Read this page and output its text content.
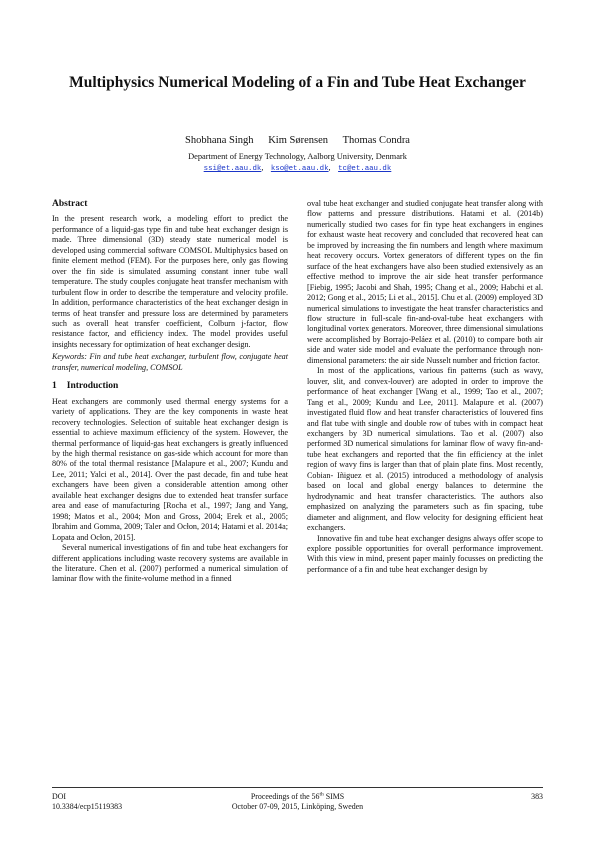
Multiphysics Numerical Modeling of a Fin and Tube Heat Exchanger
Shobhana Singh Kim Sørensen Thomas Condra
Department of Energy Technology, Aalborg University, Denmark
ssi@et.aau.dk, kso@et.aau.dk, tc@et.aau.dk
Abstract

In the present research work, a modeling effort to predict the performance of a liquid-gas type fin and tube heat exchanger design is made. Three dimensional (3D) steady state numerical model is developed using commercial software COMSOL Multiphysics based on finite element method (FEM). For the purposes here, only gas flowing over the fin side is simulated assuming constant inner tube wall temperature. The study couples conjugate heat transfer mechanism with turbulent flow in order to describe the temperature and velocity profile. In addition, performance characteristics of the heat exchanger design in terms of heat transfer and pressure loss are determined by parameters such as overall heat transfer coefficient, Colburn j-factor, flow resistance factor, and efficiency index. The model provides useful insights necessary for optimization of heat exchanger design.

Keywords: Fin and tube heat exchanger, turbulent flow, conjugate heat transfer, numerical modeling, COMSOL

1 Introduction

Heat exchangers are commonly used thermal energy systems for a variety of applications. They are the key components in waste heat recovery technologies. Selection of suitable heat exchanger design is essential to achieve maximum efficiency of the system. However, the thermal performance of liquid-gas heat exchangers is greatly influenced by the high thermal resistance on gas-side which account for more than 80% of the total thermal resistance [Malapure et al., 2007; Kundu and Lee, 2011; Yalci et al., 2014]. Over the past decade, fin and tube heat exchangers have been given a considerable attention among other available heat exchanger designs due to extended heat transfer surface area and ease of manufacturing [Rocha et al., 1997; Jang and Yang, 1998; Matos et al., 2004; Mon and Gross, 2004; Erek et al., 2005; Ibrahim and Gomma, 2009; Taler and Ocłon, 2014; Hatami et al. 2014a; Lopata and Ocłon, 2015].

Several numerical investigations of fin and tube heat exchangers for different applications including waste recovery systems are available in the literature. Chen et al. (2007) performed a numerical simulation of laminar flow with the finite-volume method in a finned

oval tube heat exchanger and studied conjugate heat transfer along with flow patterns and pressure distributions. Hatami et al. (2014b) numerically studied two cases for fin type heat exchangers in engines for exhaust waste heat recovery and concluded that recovered heat can be improved by increasing the fin numbers and length where maximum heat recovery occurs. Vortex generators of different types on the fin surface of the heat exchangers have also been studied extensively as an effective method to improve the air side heat transfer performance [Fiebig, 1995; Jacobi and Shah, 1995; Chang et al., 2009; Habchi et al. 2012; Gong et al., 2015; Li et al., 2015]. Chu et al. (2009) employed 3D numerical simulations to investigate the heat transfer characteristics and flow structure in full-scale fin-and-oval-tube heat exchangers with longitudinal vortex generators. Moreover, three dimensional simulations were accomplished by Borrajo-Peláez et al. (2010) to compare both air side and water side model and evaluate the performance through non-dimensional parameters: the air side Nusselt number and friction factor.

In most of the applications, various fin patterns (such as wavy, louver, slit, and convex-louver) are adopted in order to improve the performance of heat exchanger [Wang et al., 1999; Tao et al., 2007; Tang et al., 2009; Kundu and Lee, 2011]. Malapure et al. (2007) investigated fluid flow and heat transfer characteristics of louvered fins and flat tube with single and double row of tubes with in compact heat exchangers by 3D numerical simulations. Tao et al. (2007) also performed 3D numerical simulations for laminar flow of wavy fin-and-tube heat exchangers and reported that the fin efficiency at the inlet region of wavy fins is larger than that of plain plate fins. Most recently, Cobian- Iñiguez et al. (2015) introduced a methodology of analysis based on local and global energy balances to determine the hydrodynamic and heat transfer characteristics. The authors also emphasized on analyzing the parameters such as fin spacing, tube diameter and alignment, and flow velocity for designing efficient heat exchangers.

Innovative fin and tube heat exchanger designs always offer scope to explore possible opportunities for overall performance improvement. With this view in mind, present paper mainly focusses on predicting the performance of a fin and tube heat exchanger design by

DOI
10.3384/ecp15119383
Proceedings of the 56th SIMS
October 07-09, 2015, Linköping, Sweden
383
